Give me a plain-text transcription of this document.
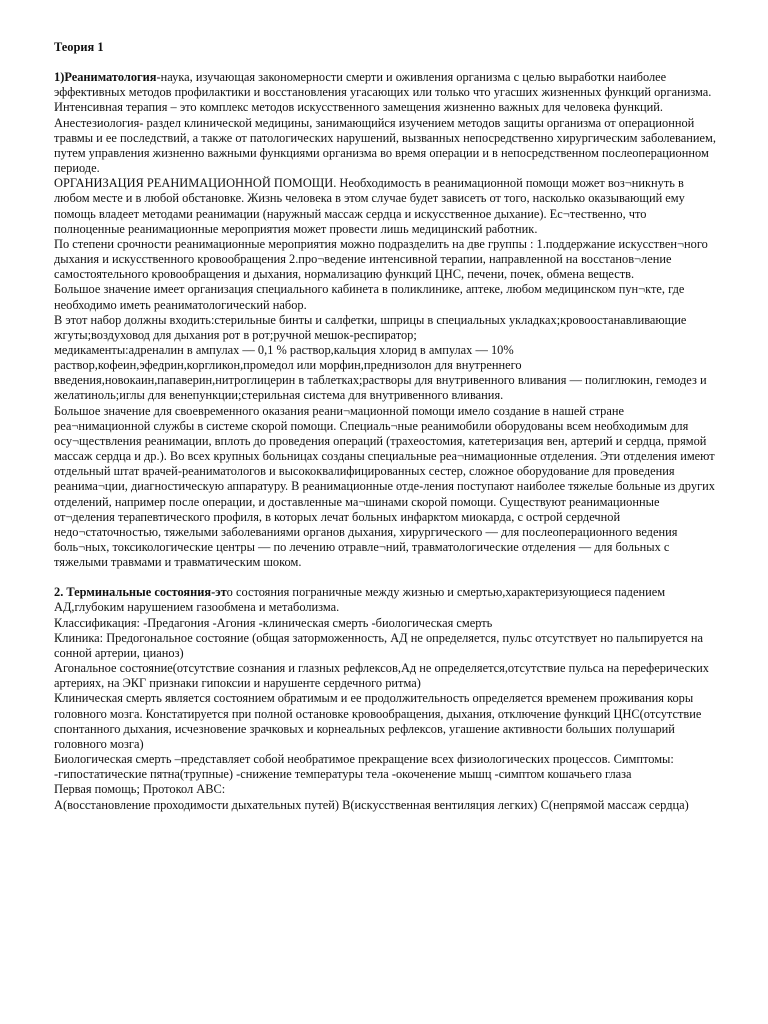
Теория 1

1)Реаниматология-наука, изучающая закономерности смерти и оживления организма с целью выработки наиболее эффективных методов профилактики и восстановления угасающих или только что угасших жизненных функций организма.

Интенсивная терапия – это комплекс методов искусственного замещения жизненно важных для человека функций.

Анестезиология- раздел клинической медицины, занимающийся изучением методов защиты организма от операционной травмы и ее последствий, а также от патологических нарушений, вызванных непосредственно хирургическим заболеванием, путем управления жизненно важными функциями организма во время операции и в непосредственном послеоперационном периоде.

ОРГАНИЗАЦИЯ РЕАНИМАЦИОННОЙ ПОМОЩИ. Необходимость в реанимационной помощи может воз¬никнуть в любом месте и в любой обстановке. Жизнь человека в этом случае будет зависеть от того, насколько оказывающий ему помощь владеет методами реанимации (наружный массаж сердца и искусственное дыхание). Ес¬тественно, что полноценные реанимационные мероприятия может провести лишь медицинский работник.

По степени срочности реанимационные мероприятия можно подразделить на две группы : 1.поддержание искусствен¬ного дыхания и искусственного кровообращения 2.про¬ведение интенсивной терапии, направленной на восстанов¬ление самостоятельного кровообращения и дыхания, нормализацию функций ЦНС, печени, почек, обмена веществ.

Большое значение имеет организация специального кабинета в поликлинике, аптеке, любом медицинском пун¬кте, где необходимо иметь реаниматологический набор.

В этот набор должны входить:стерильные бинты и салфетки, шприцы в специальных укладках;кровоостанавливающие жгуты;воздуховод для дыхания рот в рот;ручной мешок-респиратор;

медикаменты:адреналин в ампулах — 0,1 % раствор,кальция хлорид в ампулах — 10% раствор,кофеин,эфедрин,коргликон,промедол или морфин,преднизолон для внутреннего введения,новокаин,папаверин,нитроглицерин в таблетках;растворы для внутривенного вливания — полиглюкин, гемодез и желатиноль;иглы для венепункции;стерильная система для внутривенного вливания.

Большое значение для своевременного оказания реани¬мационной помощи имело создание в нашей стране реа¬нимационной службы в системе скорой помощи. Специаль¬ные реанимобили оборудованы всем необходимым для осу¬ществления реанимации, вплоть до проведения операций (трахеостомия, катетеризация вен, артерий и сердца, прямой массаж сердца и др.). Во всех крупных больницах созданы специальные реа¬нимационные отделения. Эти отделения имеют отдельный штат врачей-реаниматологов и высококвалифицированных сестер, сложное оборудование для проведения реанима¬ции, диагностическую аппаратуру. В реанимационные отде-ления поступают наиболее тяжелые больные из других отделений, например после операции, и доставленные ма¬шинами скорой помощи. Существуют реанимационные от¬деления терапевтического профиля, в которых лечат больных инфарктом миокарда, с острой сердечной недо¬статочностью, тяжелыми заболеваниями органов дыхания, хирургического — для послеоперационного ведения боль¬ных, токсикологические центры — по лечению отравле¬ний, травматологические отделения — для больных с тяжелыми травмами и травматическим шоком.

2. Терминальные состояния-это состояния пограничные между жизнью и смертью,характеризующиеся падением АД,глубоким нарушением газообмена и метаболизма.

Классификация: -Предагония -Агония -клиническая смерть -биологическая смерть

Клиника: Предогональное состояние (общая заторможенность, АД не определяется, пульс отсутствует но пальпируется на сонной артерии, цианоз)

Агональное состояние(отсутствие сознания и глазных рефлексов,Ад не определяется,отсутствие пульса на переферических артериях, на ЭКГ признаки гипоксии и нарушенте сердечного ритма)

Клиническая смерть является состоянием обратимым и ее продолжительность определяется временем проживания коры головного мозга. Констатируется при полной остановке кровообращения, дыхания, отключение функций ЦНС(отсутствие спонтанного дыхания, исчезновение зрачковых и корнеальных рефлексов, угашение активности больших полушарий головного мозга)

Биологическая смерть –представляет собой необратимое прекращение всех физиологических процессов. Симптомы: -гипостатические пятна(трупные) -снижение температуры тела -окоченение мышц -симптом кошачьего глаза

Первая помощь; Протокол ABC:

А(восстановление проходимости дыхательных путей) B(искусственная вентиляция легких) C(непрямой массаж сердца)
